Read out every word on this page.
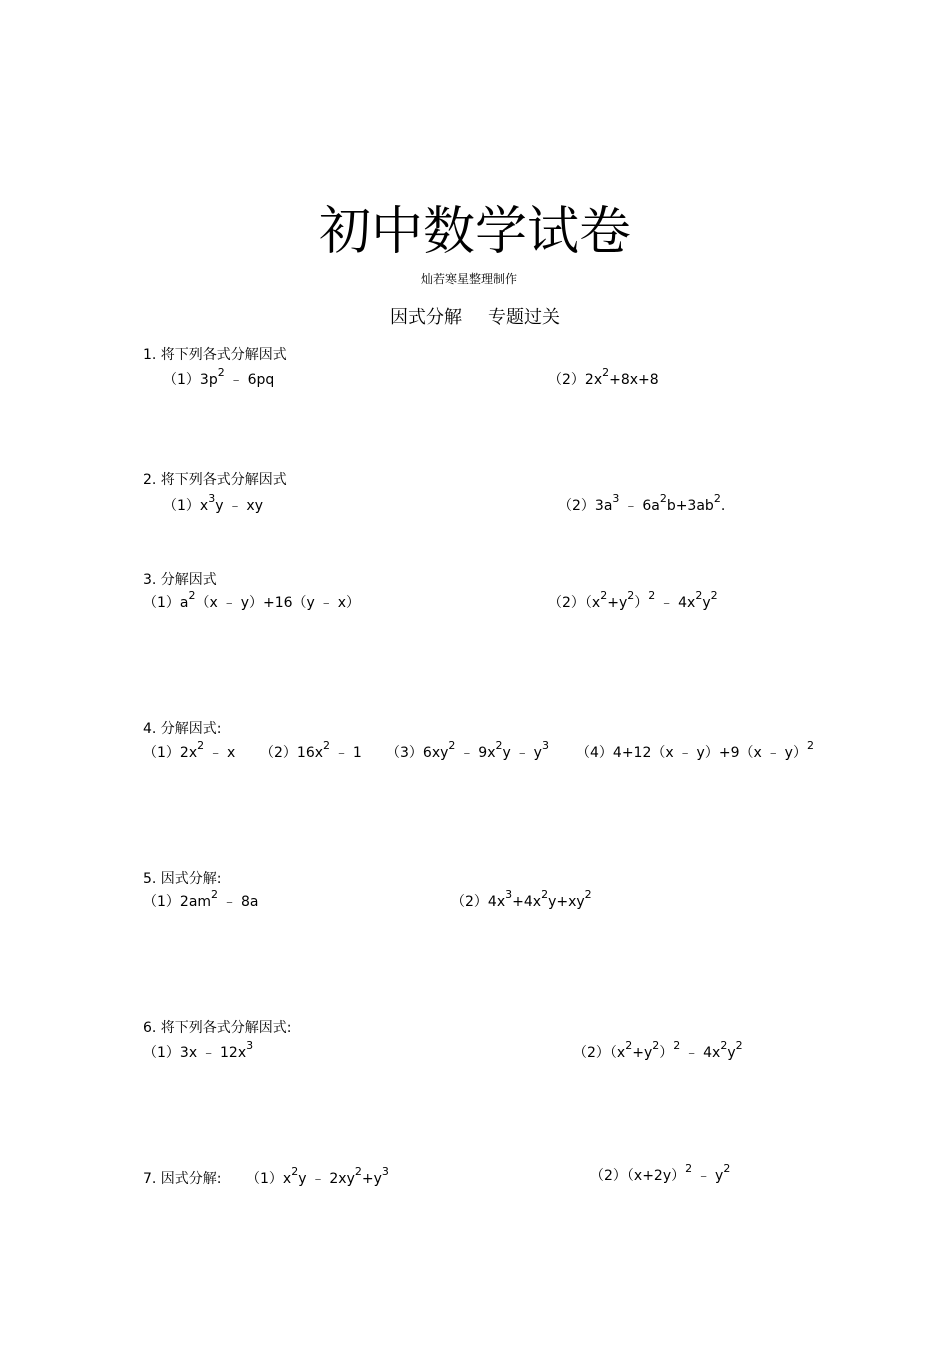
初中数学试卷
灿若寒星整理制作
因式分解 专题过关
1. 将下列各式分解因式
$(1)3p^2$ ﹣ 6pq	$(2)2x^2+8x+8$
2. 将下列各式分解因式
$(1)x^3y$ ﹣ xy	$(2)3a^3$ ﹣ $6a^2b+3ab^2$.
3. 分解因式
$(1)a^2(x$ ﹣ y）+16（y ﹣ x）	$(2)(x^2+y^2)^2$ ﹣ $4x^2y^2$
4. 分解因式:
$(1)2x^2$ ﹣ x $(2)16x^2$ ﹣ 1 $(3)6xy^2$ ﹣ $9x^2y$ ﹣ $y^3$ （4）4+12（x ﹣ y）+9（x ﹣ y）$^2$
5. 因式分解:
$(1)2am^2$ ﹣ 8a	$(2)4x^3+4x^2y+xy^2$
6. 将下列各式分解因式:
（1）3x ﹣ $12x^3$	$(2)(x^2+y^2)^2$ ﹣ $4x^2y^2$
7. 因式分解: $(1)x^2y$ ﹣ $2xy^2+y^3$	$(2)(x+2y)^2$ ﹣ $y^2$
